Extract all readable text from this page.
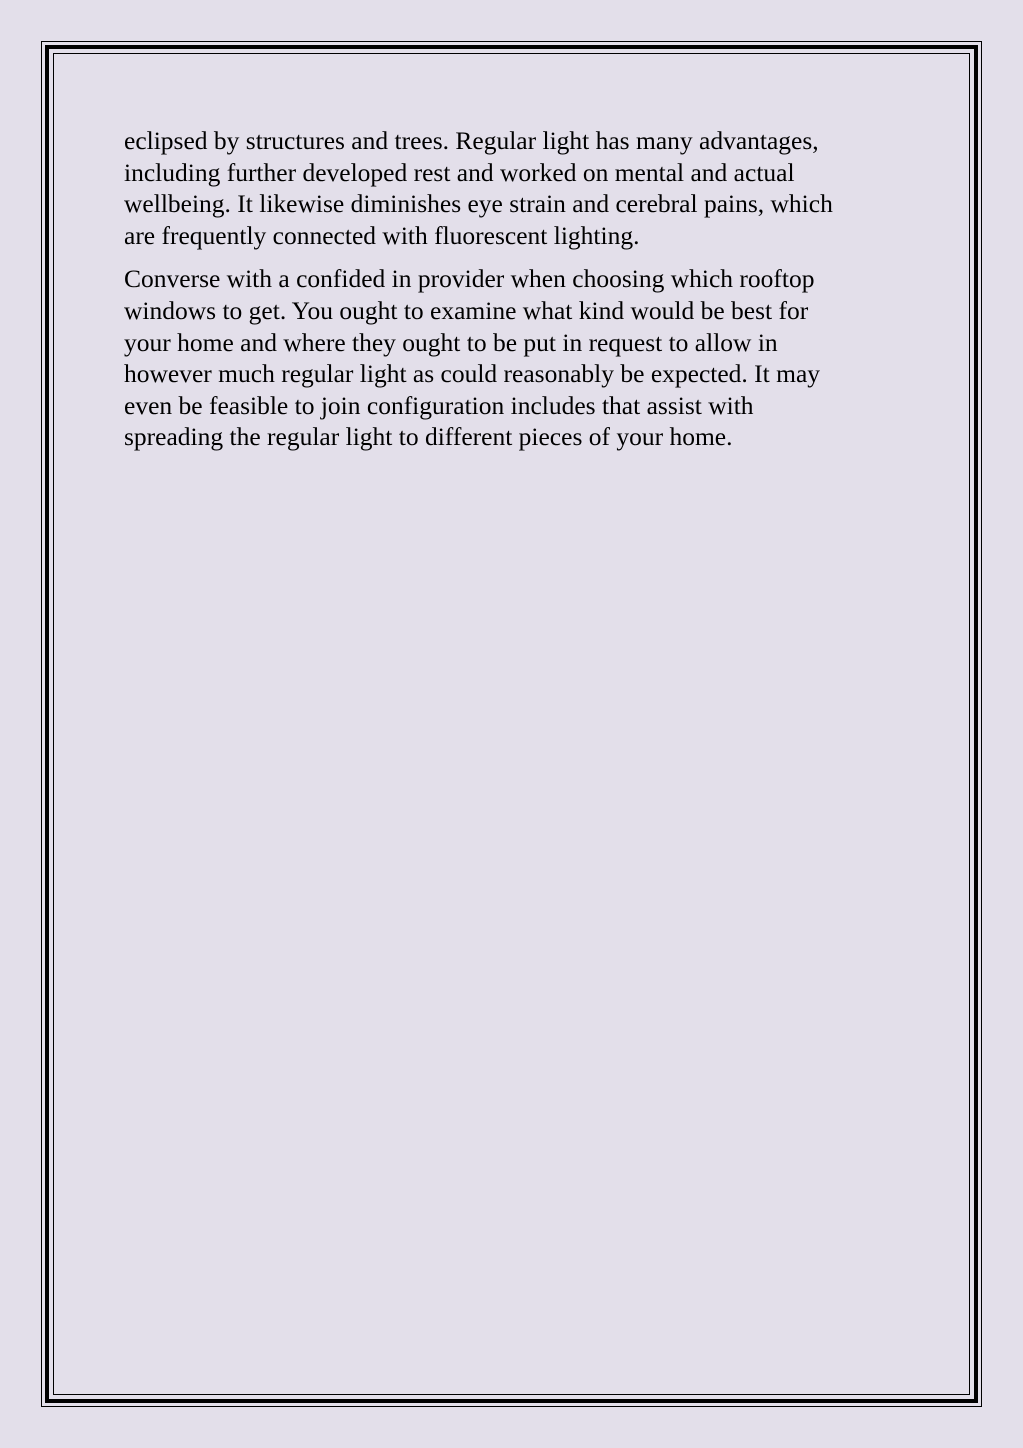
eclipsed by structures and trees. Regular light has many advantages,
including further developed rest and worked on mental and actual
wellbeing. It likewise diminishes eye strain and cerebral pains, which
are frequently connected with fluorescent lighting.

Converse with a confided in provider when choosing which rooftop
windows to get. You ought to examine what kind would be best for
your home and where they ought to be put in request to allow in
however much regular light as could reasonably be expected. It may
even be feasible to join configuration includes that assist with
spreading the regular light to different pieces of your home.
